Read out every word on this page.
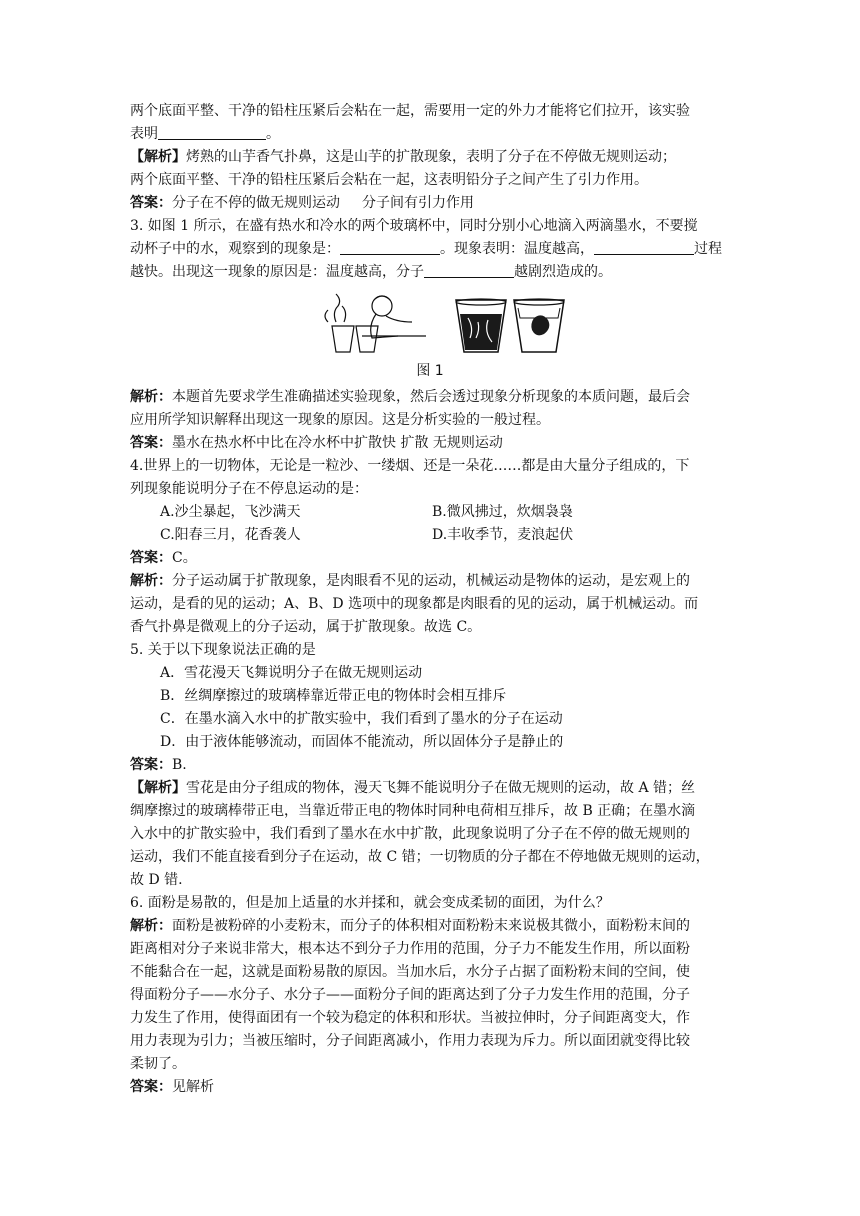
两个底面平整、干净的铅柱压紧后会粘在一起，需要用一定的外力才能将它们拉开，该实验
表明	。
【解析】烤熟的山芋香气扑鼻，这是山芋的扩散现象，表明了分子在不停做无规则运动；
两个底面平整、干净的铅柱压紧后会粘在一起，这表明铅分子之间产生了引力作用。
答案：分子在不停的做无规则运动 分子间有引力作用
3. 如图 1 所示，在盛有热水和冷水的两个玻璃杯中，同时分别小心地滴入两滴墨水，不要搅
动杯子中的水，观察到的现象是：	。现象表明：温度越高，	过程
越快。出现这一现象的原因是：温度越高，分子	越剧烈造成的。
图 1
解析：本题首先要求学生准确描述实验现象，然后会透过现象分析现象的本质问题，最后会
应用所学知识解释出现这一现象的原因。这是分析实验的一般过程。
答案：墨水在热水杯中比在冷水杯中扩散快 扩散 无规则运动
4.世界上的一切物体，无论是一粒沙、一缕烟、还是一朵花……都是由大量分子组成的，下
列现象能说明分子在不停息运动的是：
A.沙尘暴起，飞沙满天	B.微风拂过，炊烟袅袅
C.阳春三月，花香袭人	D.丰收季节，麦浪起伏
答案：C。
解析：分子运动属于扩散现象，是肉眼看不见的运动，机械运动是物体的运动，是宏观上的
运动，是看的见的运动；A、B、D 选项中的现象都是肉眼看的见的运动，属于机械运动。而
香气扑鼻是微观上的分子运动，属于扩散现象。故选 C。
5. 关于以下现象说法正确的是
A．雪花漫天飞舞说明分子在做无规则运动
B．丝绸摩擦过的玻璃棒靠近带正电的物体时会相互排斥
C．在墨水滴入水中的扩散实验中，我们看到了墨水的分子在运动
D．由于液体能够流动，而固体不能流动，所以固体分子是静止的
答案：B.
【解析】雪花是由分子组成的物体，漫天飞舞不能说明分子在做无规则的运动，故 A 错；丝
绸摩擦过的玻璃棒带正电，当靠近带正电的物体时同种电荷相互排斥，故 B 正确；在墨水滴
入水中的扩散实验中，我们看到了墨水在水中扩散，此现象说明了分子在不停的做无规则的
运动，我们不能直接看到分子在运动，故 C 错；一切物质的分子都在不停地做无规则的运动，
故 D 错.
6. 面粉是易散的，但是加上适量的水并揉和，就会变成柔韧的面团，为什么？
解析：面粉是被粉碎的小麦粉末，而分子的体积相对面粉粉末来说极其微小，面粉粉末间的
距离相对分子来说非常大，根本达不到分子力作用的范围，分子力不能发生作用，所以面粉
不能黏合在一起，这就是面粉易散的原因。当加水后，水分子占据了面粉粉末间的空间，使
得面粉分子——水分子、水分子——面粉分子间的距离达到了分子力发生作用的范围，分子
力发生了作用，使得面团有一个较为稳定的体积和形状。当被拉伸时，分子间距离变大，作
用力表现为引力；当被压缩时，分子间距离减小，作用力表现为斥力。所以面团就变得比较
柔韧了。
答案：见解析
